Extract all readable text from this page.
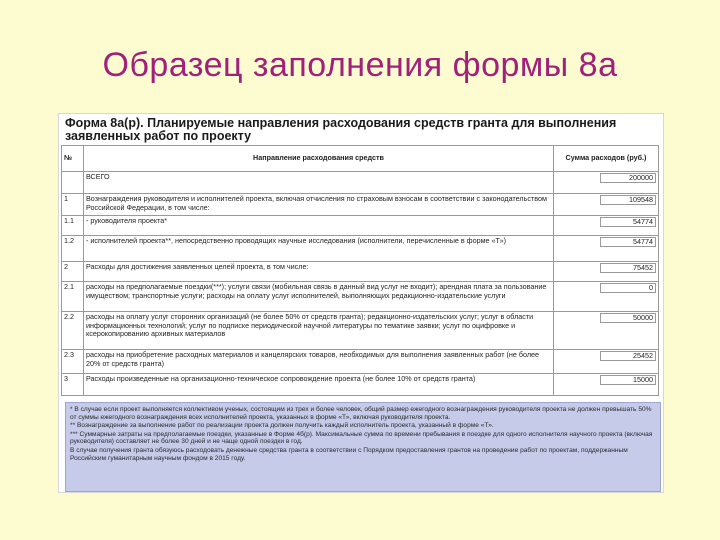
Образец заполнения формы 8а
Форма 8а(р). Планируемые направления расходования средств гранта для выполнения заявленных работ по проекту
№	Направление расходования средств	Сумма расходов (руб.)
	ВСЕГО	200000
1	Вознаграждения руководителя и исполнителей проекта, включая отчисления по страховым взносам в соответствии с законодательством Российской Федерации, в том числе:	109548
1.1	- руководителя проекта*	54774
1.2	- исполнителей проекта**, непосредственно проводящих научные исследования (исполнители, перечисленные в форме «Т»)	54774
2	Расходы для достижения заявленных целей проекта, в том числе:	75452
2.1	расходы на предполагаемые поездки(***); услуги связи (мобильная связь в данный вид услуг не входит); арендная плата за пользование имуществом; транспортные услуги; расходы на оплату услуг исполнителей, выполняющих редакционно-издательские услуги	0
2.2	расходы на оплату услуг сторонних организаций (не более 50% от средств гранта); редакционно-издательских услуг; услуг в области информационных технологий; услуг по подписке периодической научной литературы по тематике заявки; услуг по оцифровке и ксерокопированию архивных материалов	50000
2.3	расходы на приобретение расходных материалов и канцелярских товаров, необходимых для выполнения заявленных работ (не более 20% от средств гранта)	25452
3	Расходы произведенные на организационно-техническое сопровождение проекта (не более 10% от средств гранта)	15000

* В случае если проект выполняется коллективом ученых, состоящим из трех и более человек, общий размер ежегодного вознаграждения руководителя проекта не должен превышать 50% от суммы ежегодного вознаграждения всех исполнителей проекта, указанных в форме «Т», включая руководителя проекта.

** Вознаграждение за выполнение работ по реализации проекта должен получить каждый исполнитель проекта, указанный в форме «Т».

*** Суммарные затраты на предполагаемые поездки, указанные в Форме 4б(р). Максимальные сумма по времени пребывания в поездке для одного исполнителя научного проекта (включая руководителя) составляет не более 30 дней и не чаще одной поездки в год.

В случае получения гранта обязуюсь расходовать денежные средства гранта в соответствии с Порядком предоставления грантов на проведение работ по проектам, поддержанным Российским гуманитарным научным фондом в 2015 году.
